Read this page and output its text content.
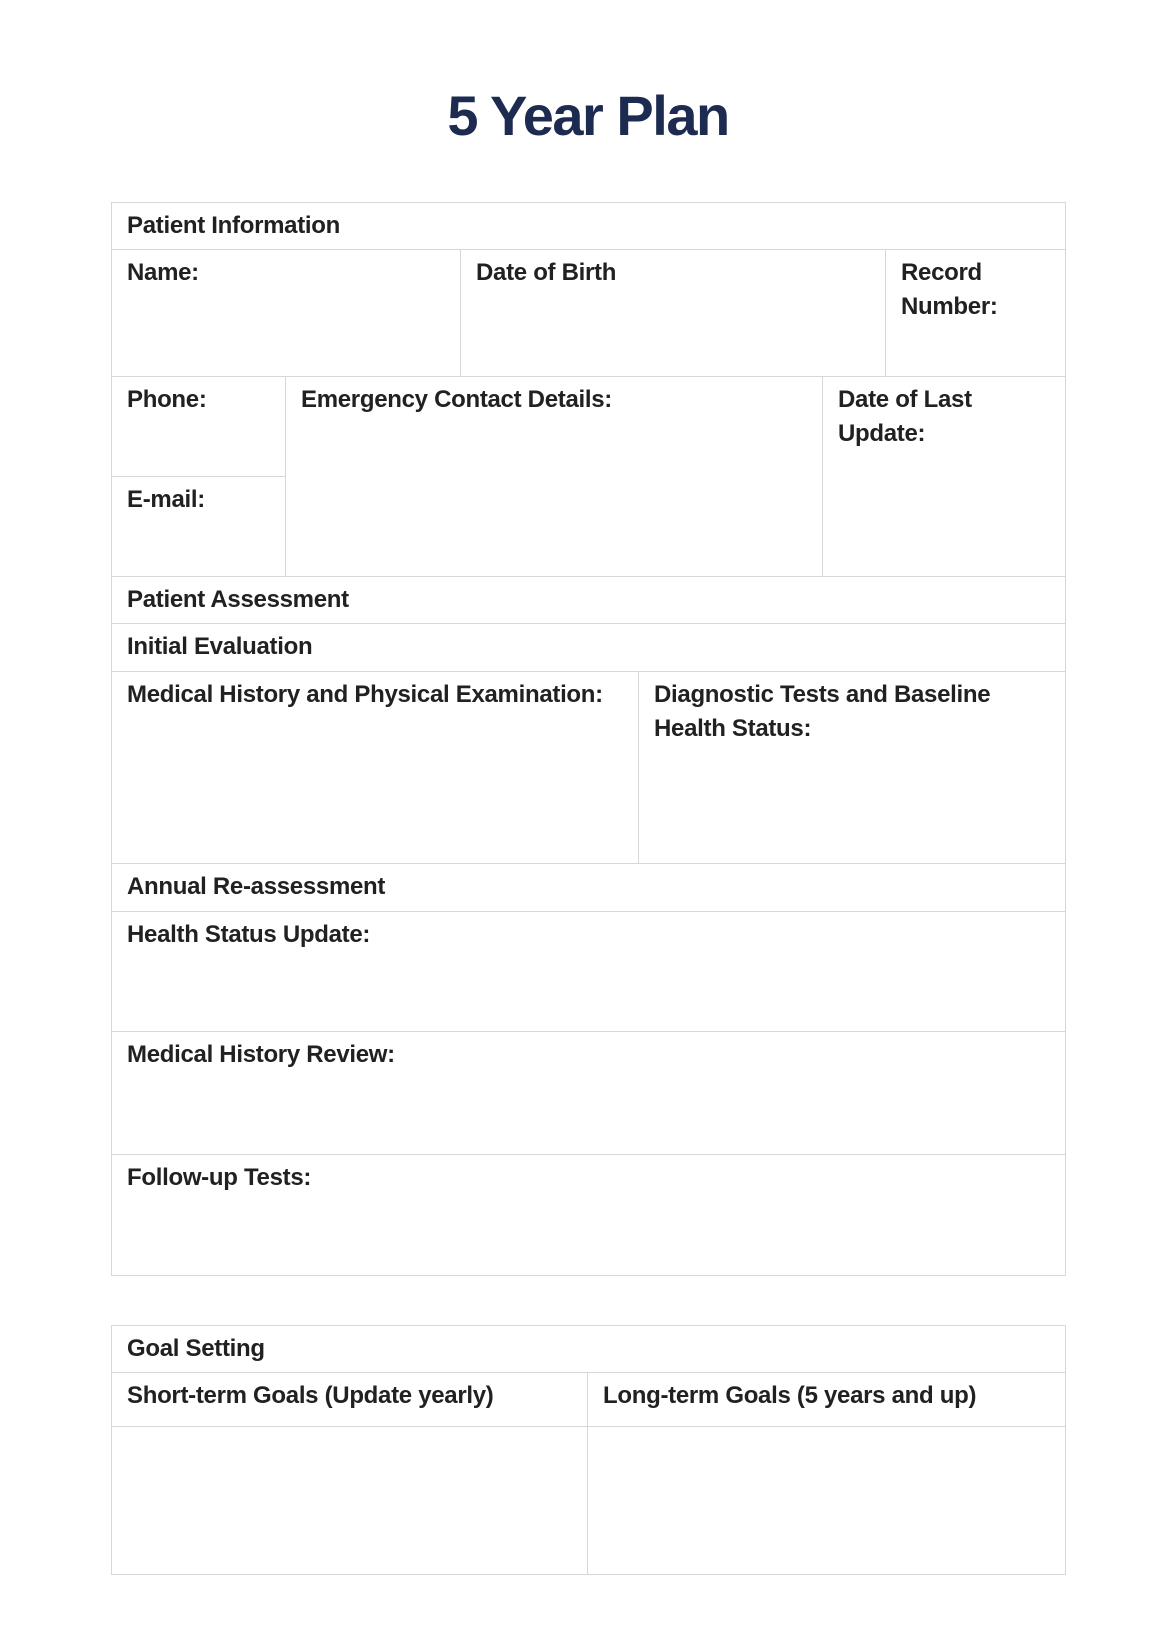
5 Year Plan
Patient Information					
Name:		Date of Birth			Record Number:
Phone:	Emergency Contact Details:			Date of Last Update:	
E-mail:					
Patient Assessment					
Initial Evaluation					
Medical History and Physical Examination:			Diagnostic Tests and Baseline Health Status:		
Annual Re-assessment					
Health Status Update:					
Medical History Review:					
Follow-up Tests:					
Goal Setting	
Short-term Goals (Update yearly)	Long-term Goals (5 years and up)
